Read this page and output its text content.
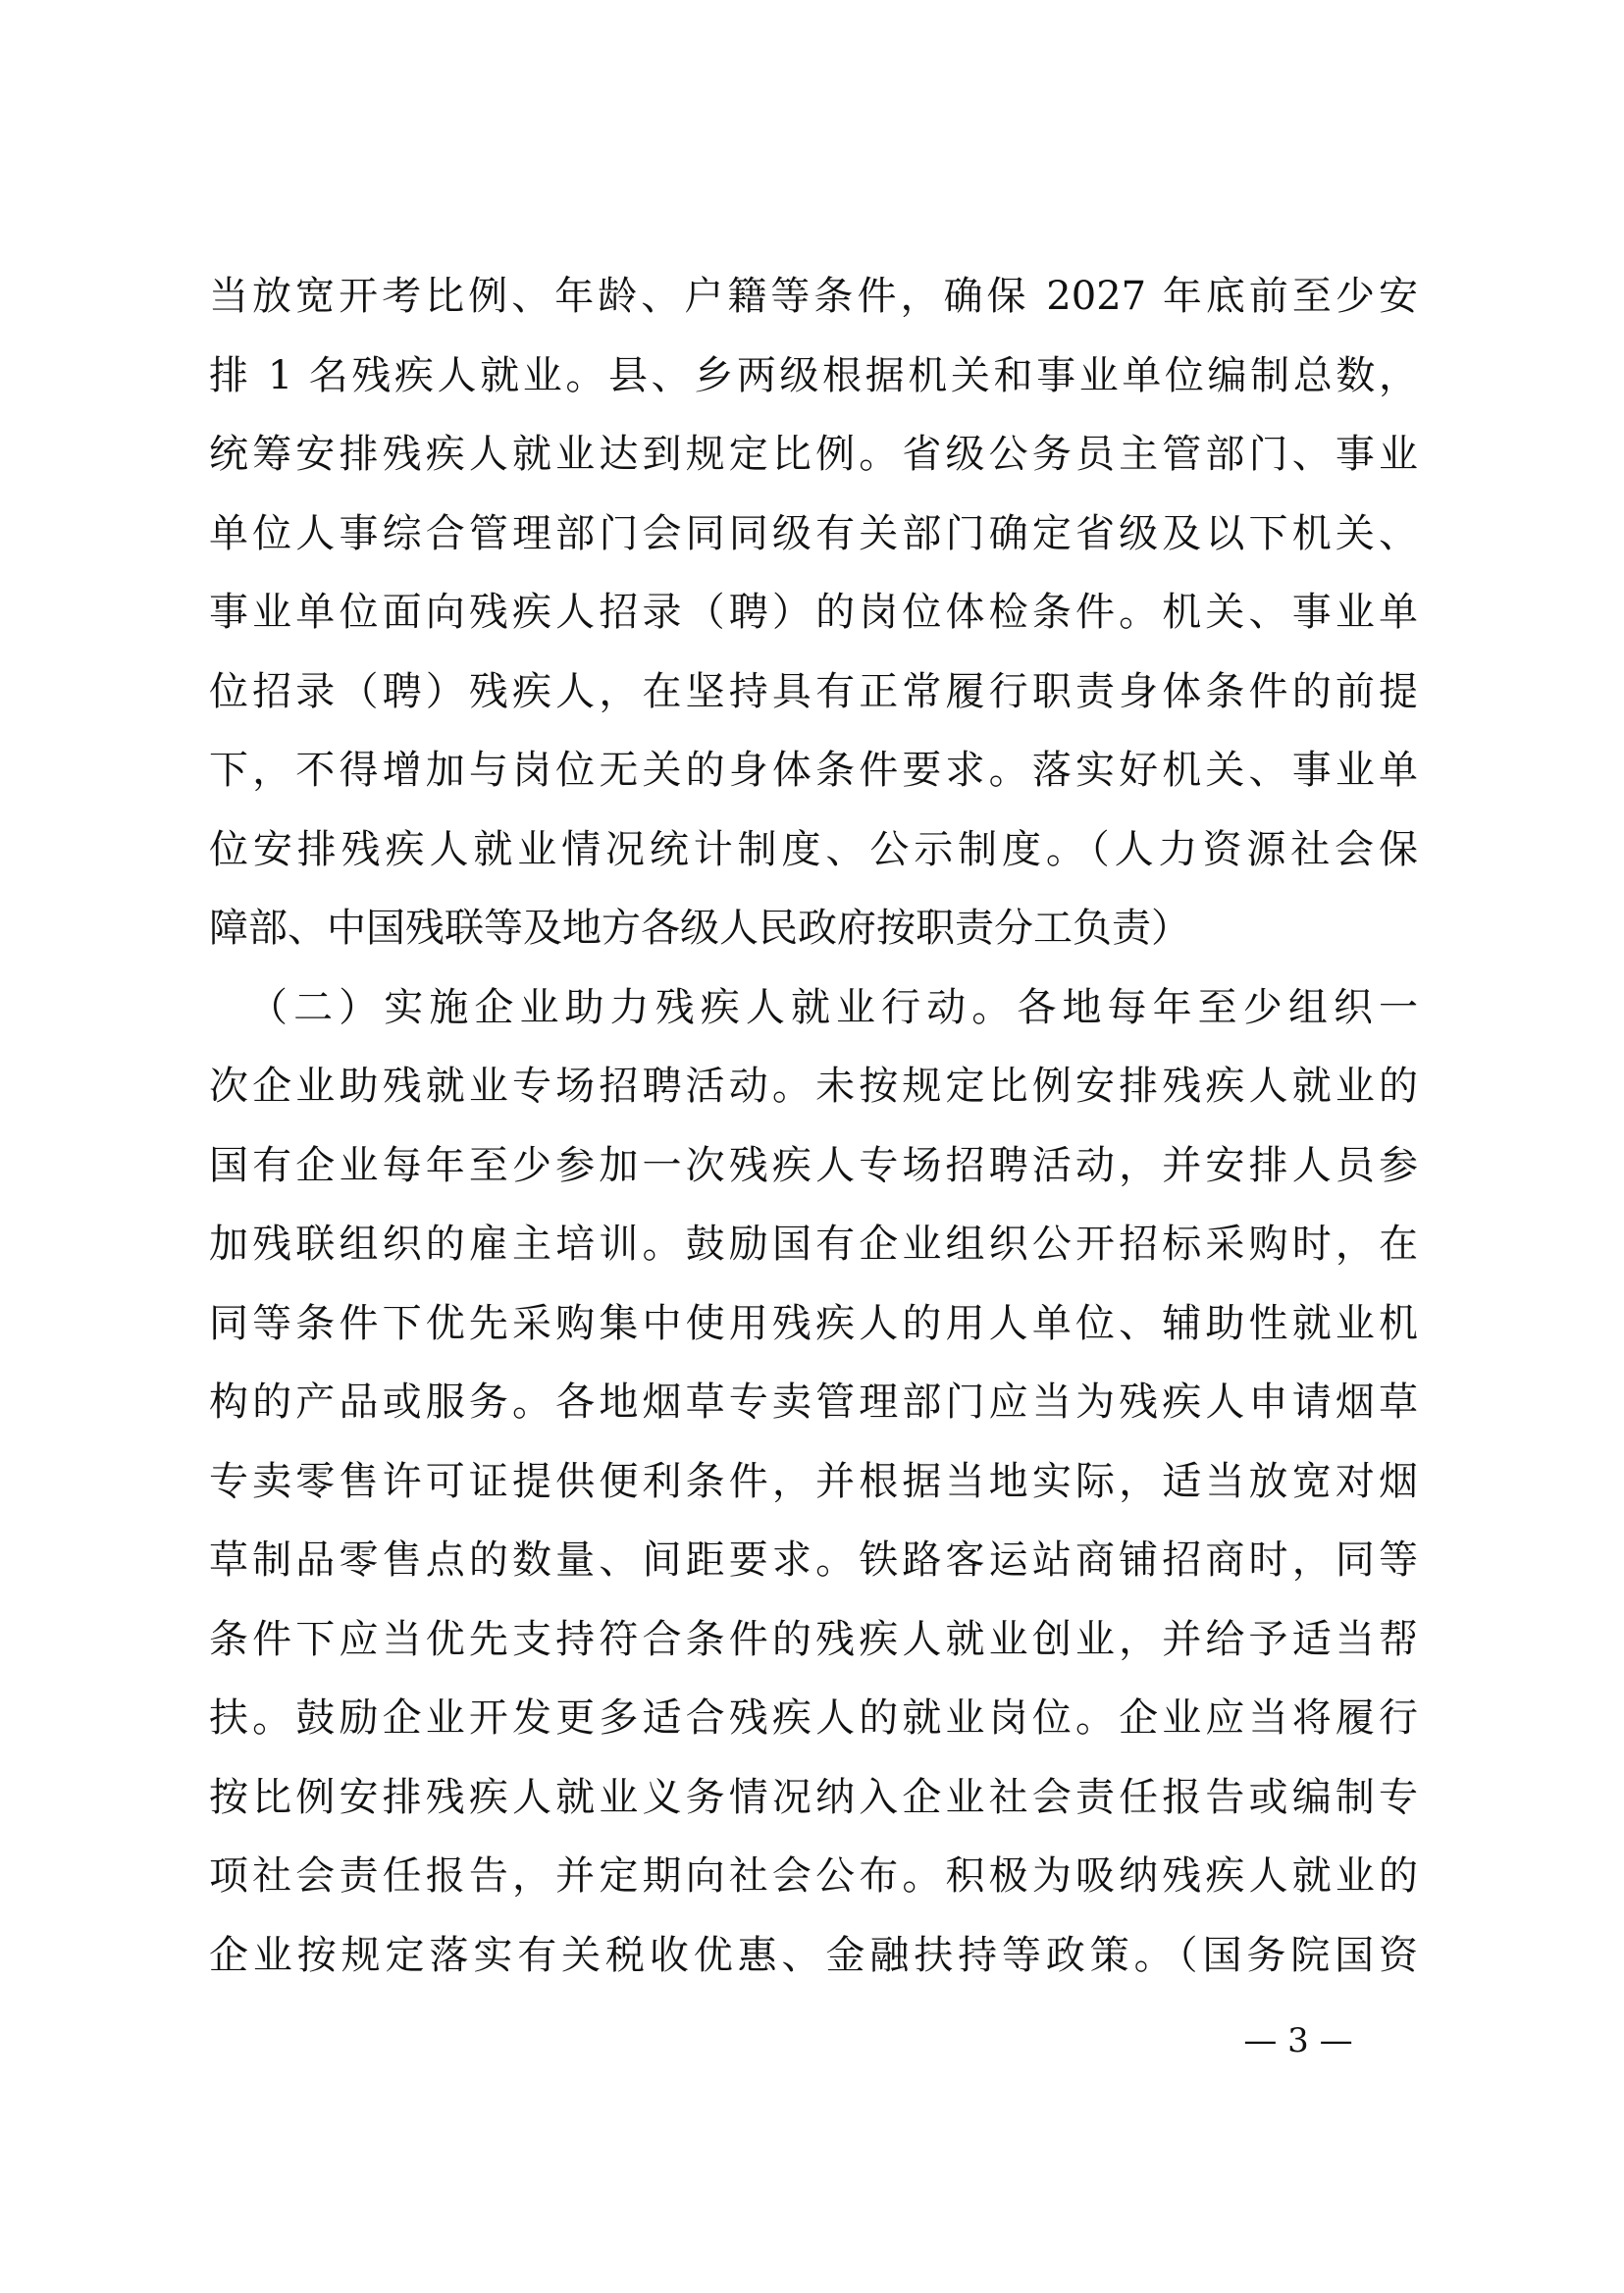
当放宽开考比例、年龄、户籍等条件，确保 2027 年底前至少安
排 1 名残疾人就业。县、乡两级根据机关和事业单位编制总数，
统筹安排残疾人就业达到规定比例。省级公务员主管部门、事业
单位人事综合管理部门会同同级有关部门确定省级及以下机关、
事业单位面向残疾人招录（聘）的岗位体检条件。机关、事业单
位招录（聘）残疾人，在坚持具有正常履行职责身体条件的前提
下，不得增加与岗位无关的身体条件要求。落实好机关、事业单
位安排残疾人就业情况统计制度、公示制度。（人力资源社会保
障部、中国残联等及地方各级人民政府按职责分工负责）
（二）实施企业助力残疾人就业行动。各地每年至少组织一
次企业助残就业专场招聘活动。未按规定比例安排残疾人就业的
国有企业每年至少参加一次残疾人专场招聘活动，并安排人员参
加残联组织的雇主培训。鼓励国有企业组织公开招标采购时，在
同等条件下优先采购集中使用残疾人的用人单位、辅助性就业机
构的产品或服务。各地烟草专卖管理部门应当为残疾人申请烟草
专卖零售许可证提供便利条件，并根据当地实际，适当放宽对烟
草制品零售点的数量、间距要求。铁路客运站商铺招商时，同等
条件下应当优先支持符合条件的残疾人就业创业，并给予适当帮
扶。鼓励企业开发更多适合残疾人的就业岗位。企业应当将履行
按比例安排残疾人就业义务情况纳入企业社会责任报告或编制专
项社会责任报告，并定期向社会公布。积极为吸纳残疾人就业的
企业按规定落实有关税收优惠、金融扶持等政策。（国务院国资
— 3 —
